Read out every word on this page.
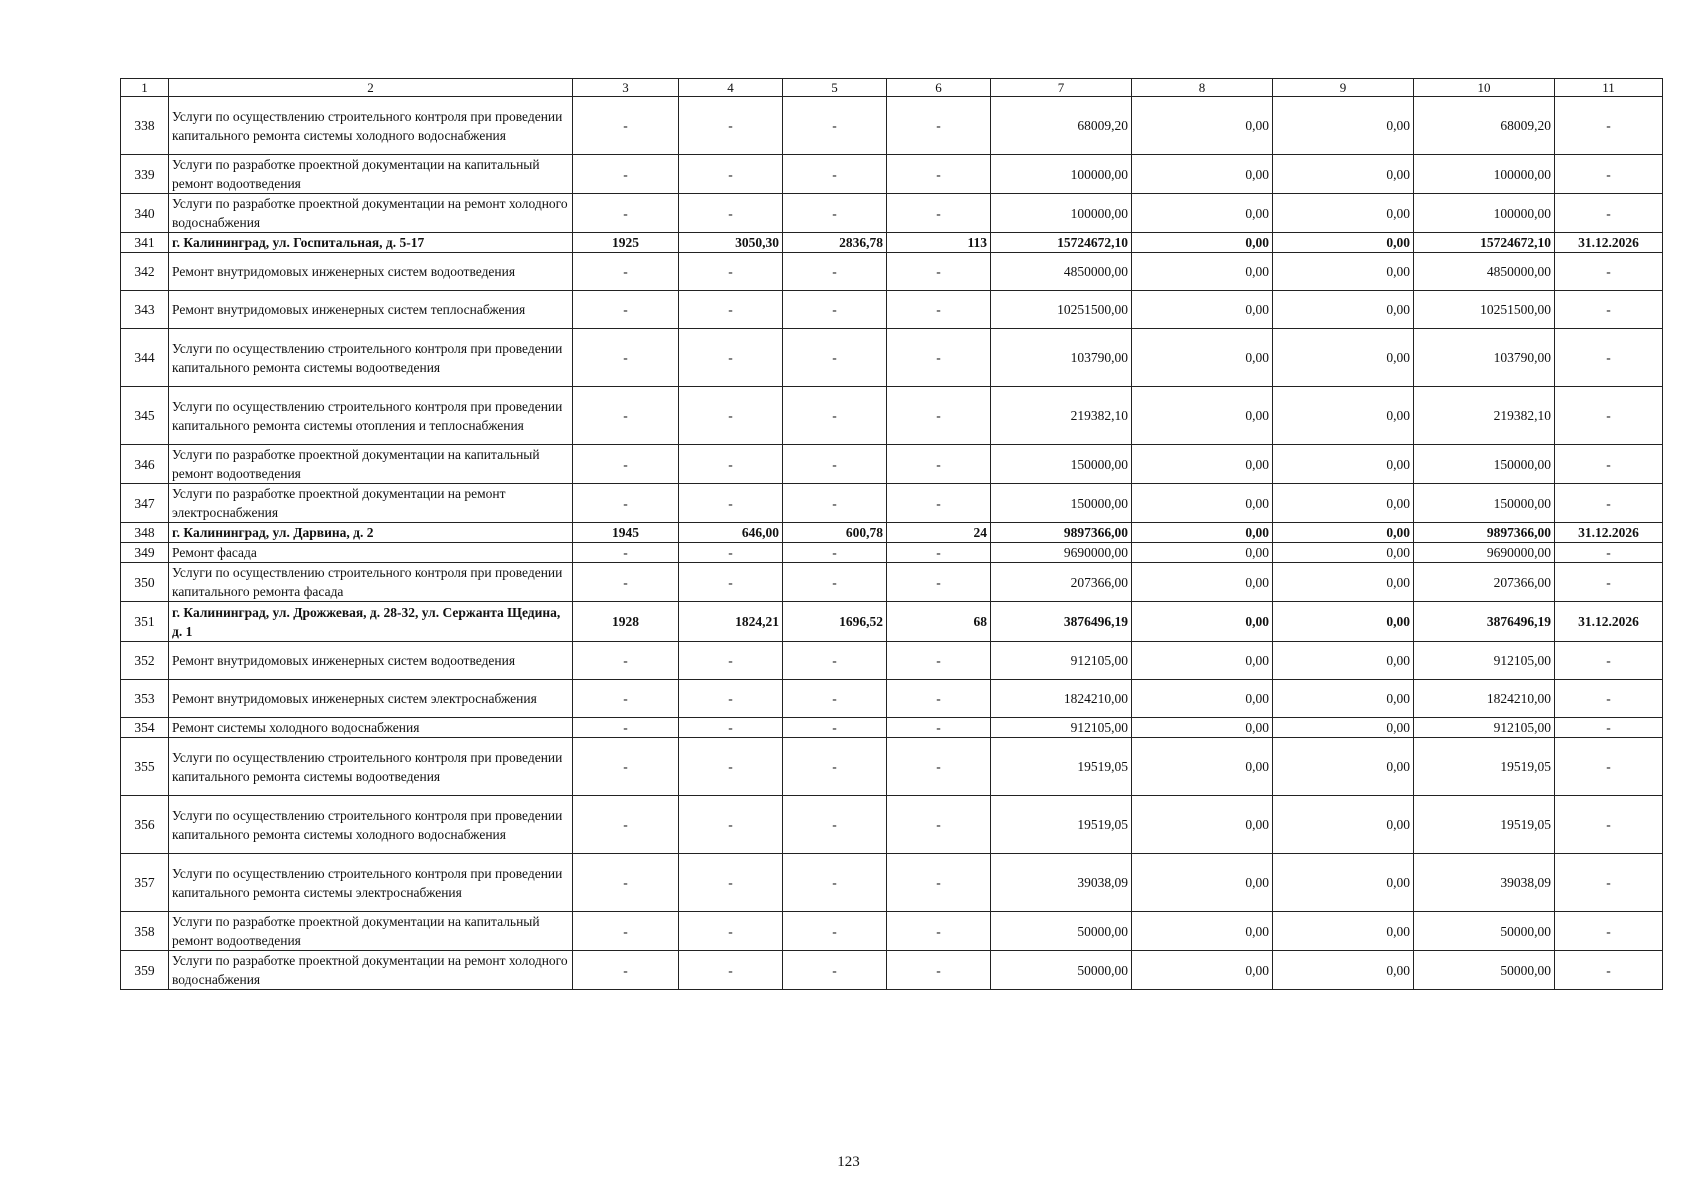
1	2	3	4	5	6	7	8	9	10	11
338	Услуги по осуществлению строительного контроля при проведении капитального ремонта системы холодного водоснабжения	-	-	-	-	68009,20	0,00	0,00	68009,20	-
339	Услуги по разработке проектной документации на капитальный ремонт водоотведения	-	-	-	-	100000,00	0,00	0,00	100000,00	-
340	Услуги по разработке проектной документации на ремонт холодного водоснабжения	-	-	-	-	100000,00	0,00	0,00	100000,00	-
341	г. Калининград, ул. Госпитальная, д. 5-17	1925	3050,30	2836,78	113	15724672,10	0,00	0,00	15724672,10	31.12.2026
342	Ремонт внутридомовых инженерных систем водоотведения	-	-	-	-	4850000,00	0,00	0,00	4850000,00	-
343	Ремонт внутридомовых инженерных систем теплоснабжения	-	-	-	-	10251500,00	0,00	0,00	10251500,00	-
344	Услуги по осуществлению строительного контроля при проведении капитального ремонта системы водоотведения	-	-	-	-	103790,00	0,00	0,00	103790,00	-
345	Услуги по осуществлению строительного контроля при проведении капитального ремонта системы отопления и теплоснабжения	-	-	-	-	219382,10	0,00	0,00	219382,10	-
346	Услуги по разработке проектной документации на капитальный ремонт водоотведения	-	-	-	-	150000,00	0,00	0,00	150000,00	-
347	Услуги по разработке проектной документации на ремонт электроснабжения	-	-	-	-	150000,00	0,00	0,00	150000,00	-
348	г. Калининград, ул. Дарвина, д. 2	1945	646,00	600,78	24	9897366,00	0,00	0,00	9897366,00	31.12.2026
349	Ремонт фасада	-	-	-	-	9690000,00	0,00	0,00	9690000,00	-
350	Услуги по осуществлению строительного контроля при проведении капитального ремонта фасада	-	-	-	-	207366,00	0,00	0,00	207366,00	-
351	г. Калининград, ул. Дрожжевая, д. 28-32, ул. Сержанта Щедина, д. 1	1928	1824,21	1696,52	68	3876496,19	0,00	0,00	3876496,19	31.12.2026
352	Ремонт внутридомовых инженерных систем водоотведения	-	-	-	-	912105,00	0,00	0,00	912105,00	-
353	Ремонт внутридомовых инженерных систем электроснабжения	-	-	-	-	1824210,00	0,00	0,00	1824210,00	-
354	Ремонт системы холодного водоснабжения	-	-	-	-	912105,00	0,00	0,00	912105,00	-
355	Услуги по осуществлению строительного контроля при проведении капитального ремонта системы водоотведения	-	-	-	-	19519,05	0,00	0,00	19519,05	-
356	Услуги по осуществлению строительного контроля при проведении капитального ремонта системы холодного водоснабжения	-	-	-	-	19519,05	0,00	0,00	19519,05	-
357	Услуги по осуществлению строительного контроля при проведении капитального ремонта системы электроснабжения	-	-	-	-	39038,09	0,00	0,00	39038,09	-
358	Услуги по разработке проектной документации на капитальный ремонт водоотведения	-	-	-	-	50000,00	0,00	0,00	50000,00	-
359	Услуги по разработке проектной документации на ремонт холодного водоснабжения	-	-	-	-	50000,00	0,00	0,00	50000,00	-
123
